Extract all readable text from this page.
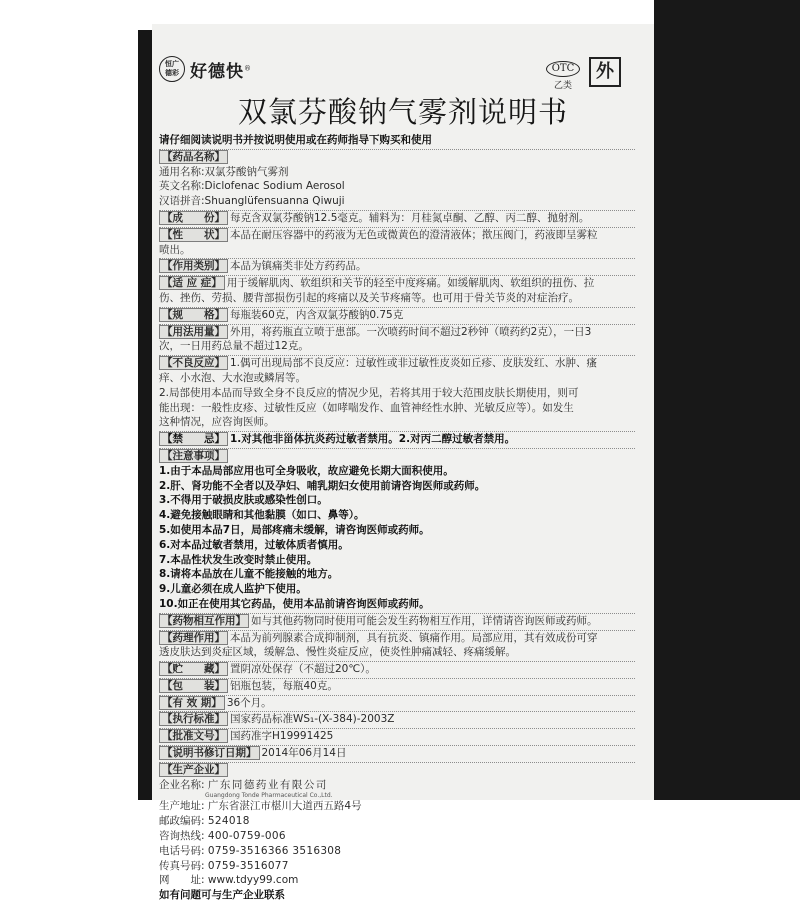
恒广
德彩 好德快®	OTC
乙类
外
双氯芬酸钠气雾剂说明书
请仔细阅读说明书并按说明使用或在药师指导下购买和使用
【药品名称】
通用名称:双氯芬酸钠气雾剂
英文名称:Diclofenac Sodium Aerosol
汉语拼音:Shuanglüfensuanna Qiwuji
【成　　份】 每克含双氯芬酸钠12.5毫克。辅料为：月桂氮卓酮、乙醇、丙二醇、抛射剂。
【性　　状】 本品在耐压容器中的药液为无色或微黄色的澄清液体；揿压阀门，药液即呈雾粒
喷出。
【作用类别】 本品为镇痛类非处方药药品。
【适 应 症】 用于缓解肌肉、软组织和关节的轻至中度疼痛。如缓解肌肉、软组织的扭伤、拉
伤、挫伤、劳损、腰背部损伤引起的疼痛以及关节疼痛等。也可用于骨关节炎的对症治疗。
【规　　格】 每瓶装60克，内含双氯芬酸钠0.75克
【用法用量】 外用，将药瓶直立喷于患部。一次喷药时间不超过2秒钟（喷药约2克），一日3
次，一日用药总量不超过12克。
【不良反应】 1.偶可出现局部不良反应：过敏性或非过敏性皮炎如丘疹、皮肤发红、水肿、瘙
痒、小水泡、大水泡或鳞屑等。
2.局部使用本品而导致全身不良反应的情况少见，若将其用于较大范围皮肤长期使用，则可
能出现：一般性皮疹、过敏性反应（如哮喘发作、血管神经性水肿、光敏反应等）。如发生
这种情况，应咨询医师。
【禁　　忌】 1.对其他非甾体抗炎药过敏者禁用。2.对丙二醇过敏者禁用。
【注意事项】
1.由于本品局部应用也可全身吸收，故应避免长期大面积使用。
2.肝、肾功能不全者以及孕妇、哺乳期妇女使用前请咨询医师或药师。
3.不得用于破损皮肤或感染性创口。
4.避免接触眼睛和其他黏膜（如口、鼻等）。
5.如使用本品7日，局部疼痛未缓解，请咨询医师或药师。
6.对本品过敏者禁用，过敏体质者慎用。
7.本品性状发生改变时禁止使用。
8.请将本品放在儿童不能接触的地方。
9.儿童必须在成人监护下使用。
10.如正在使用其它药品，使用本品前请咨询医师或药师。
【药物相互作用】 如与其他药物同时使用可能会发生药物相互作用，详情请咨询医师或药师。
【药理作用】 本品为前列腺素合成抑制剂，具有抗炎、镇痛作用。局部应用，其有效成份可穿
透皮肤达到炎症区域，缓解急、慢性炎症反应，使炎性肿痛减轻、疼痛缓解。
【贮　　藏】 置阴凉处保存（不超过20℃）。
【包　　装】 铝瓶包装，每瓶40克。
【有 效 期】 36个月。
【执行标准】 国家药品标准WS₁-(X-384)-2003Z
【批准文号】 国药准字H19991425
【说明书修订日期】 2014年06月14日
【生产企业】
企业名称: 广东同德药业有限公司
Guangdong Tonde Pharmaceutical Co.,Ltd.
生产地址: 广东省湛江市椹川大道西五路4号
邮政编码: 524018
咨询热线: 400-0759-006
电话号码: 0759-3516366 3516308
传真号码: 0759-3516077
网　　址: www.tdyy99.com
如有问题可与生产企业联系
